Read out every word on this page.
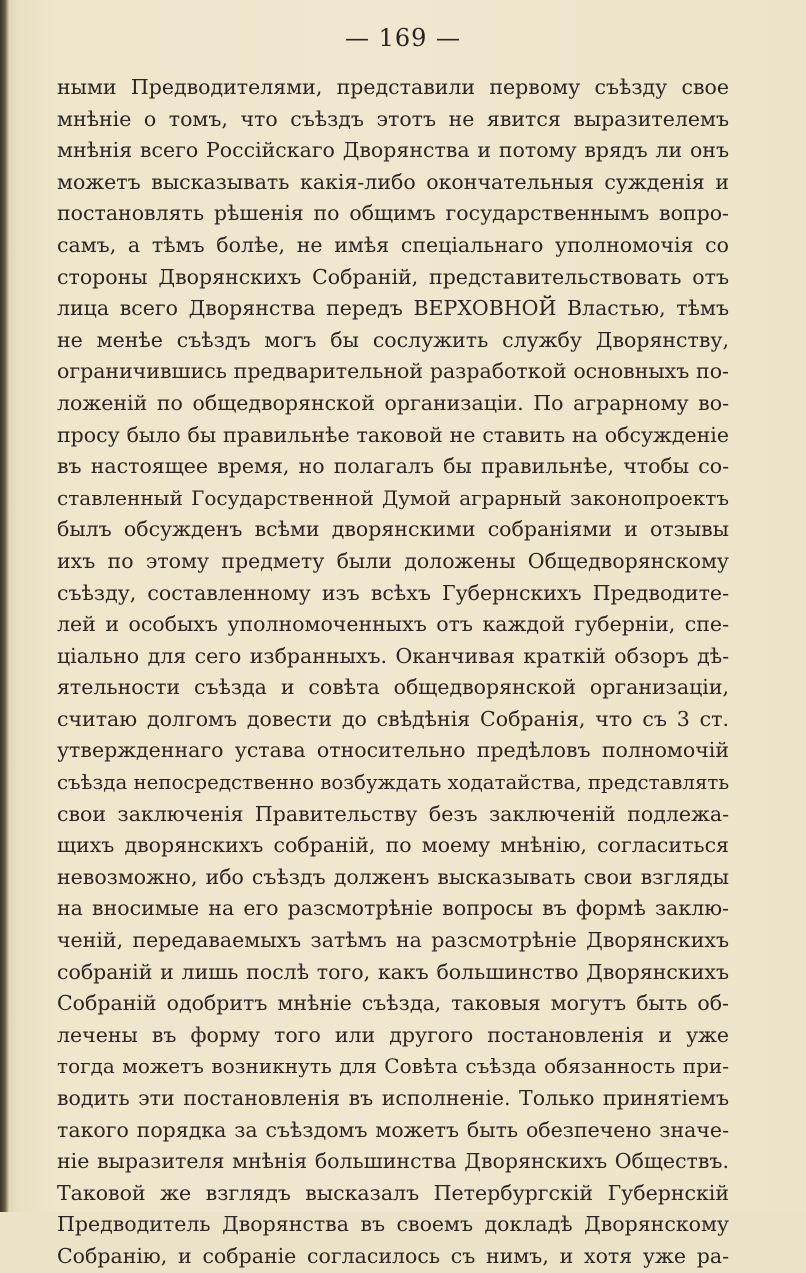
— 169 —
ными Предводителями, представили первому съѣзду свое
мнѣніе о томъ, что съѣздъ этотъ не явится выразителемъ
мнѣнія всего Россійскаго Дворянства и потому врядъ ли онъ
можетъ высказывать какія-либо окончательныя сужденія и
постановлять рѣшенія по общимъ государственнымъ вопро-
самъ, а тѣмъ болѣе, не имѣя спеціальнаго уполномочія со
стороны Дворянскихъ Собраній, представительствовать отъ
лица всего Дворянства передъ ВЕРХОВНОЙ Властью, тѣмъ
не менѣе съѣздъ могъ бы сослужить службу Дворянству,
ограничившись предварительной разработкой основныхъ по-
ложеній по общедворянской организаціи. По аграрному во-
просу было бы правильнѣе таковой не ставить на обсужденіе
въ настоящее время, но полагалъ бы правильнѣе, чтобы со-
ставленный Государственной Думой аграрный законопроектъ
былъ обсужденъ всѣми дворянскими собраніями и отзывы
ихъ по этому предмету были доложены Общедворянскому
съѣзду, составленному изъ всѣхъ Губернскихъ Предводите-
лей и особыхъ уполномоченныхъ отъ каждой губерніи, спе-
ціально для сего избранныхъ. Оканчивая краткій обзоръ дѣ-
ятельности съѣзда и совѣта общедворянской организаціи,
считаю долгомъ довести до свѣдѣнія Собранія, что съ 3 ст.
утвержденнаго устава относительно предѣловъ полномочій
съѣзда непосредственно возбуждать ходатайства, представлять
свои заключенія Правительству безъ заключеній подлежа-
щихъ дворянскихъ собраній, по моему мнѣнію, согласиться
невозможно, ибо съѣздъ долженъ высказывать свои взгляды
на вносимые на его разсмотрѣніе вопросы въ формѣ заклю-
ченій, передаваемыхъ затѣмъ на разсмотрѣніе Дворянскихъ
собраній и лишь послѣ того, какъ большинство Дворянскихъ
Собраній одобритъ мнѣніе съѣзда, таковыя могутъ быть об-
лечены въ форму того или другого постановленія и уже
тогда можетъ возникнуть для Совѣта съѣзда обязанность при-
водить эти постановленія въ исполненіе. Только принятіемъ
такого порядка за съѣздомъ можетъ быть обезпечено значе-
ніе выразителя мнѣнія большинства Дворянскихъ Обществъ.
Таковой же взглядъ высказалъ Петербургскій Губернскій
Предводитель Дворянства въ своемъ докладѣ Дворянскому
Собранію, и собраніе согласилось съ нимъ, и хотя уже ра-
